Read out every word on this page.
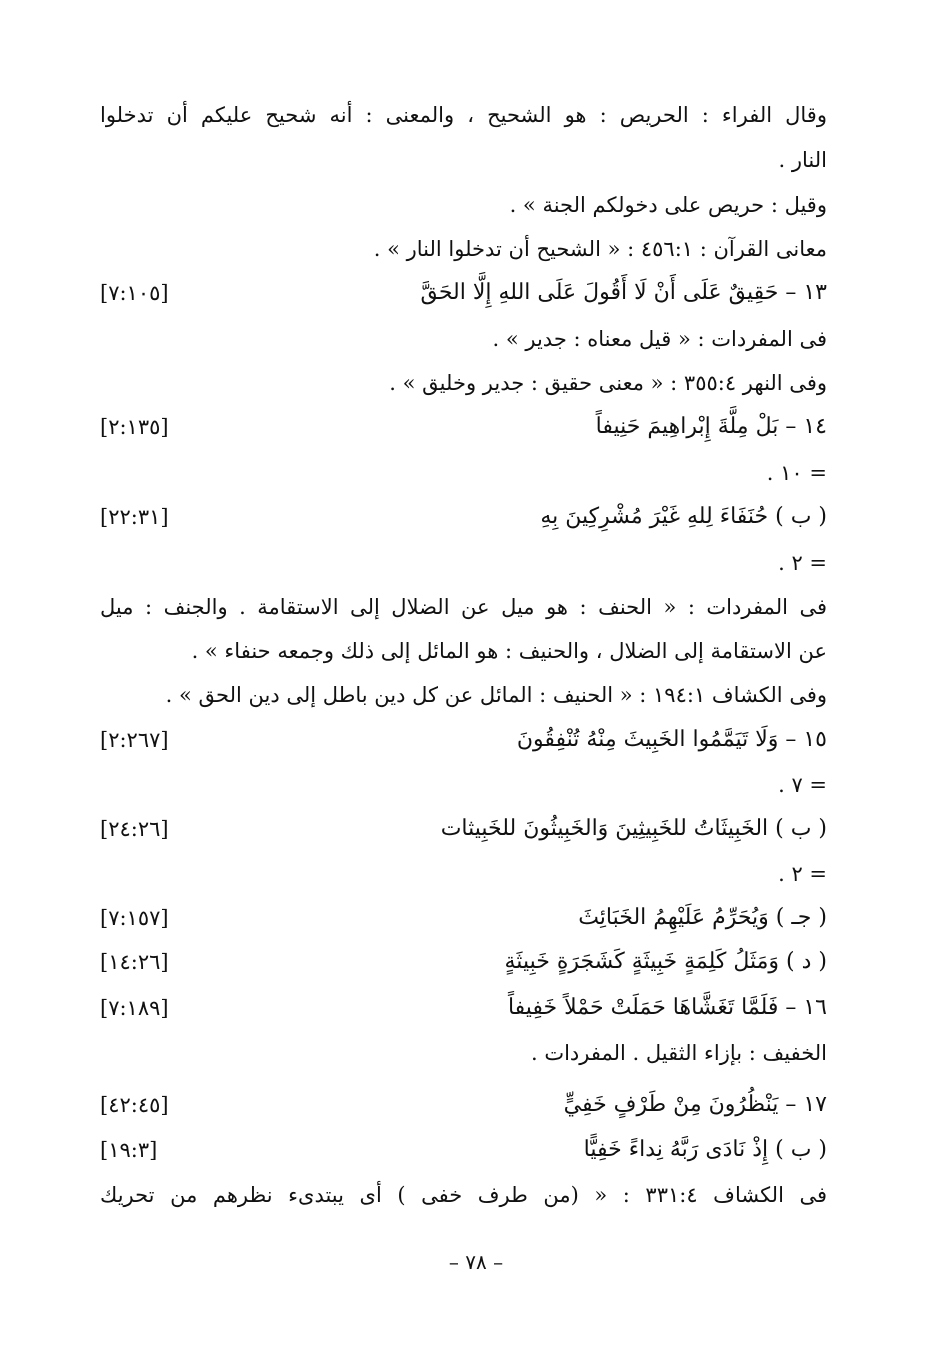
وقال الفراء : الحريص : هو الشحيح ، والمعنى : أنه شحيح عليكم أن تدخلوا
النار .
وقيل : حريص على دخولكم الجنة » .
معانى القرآن : ٤٥٦:١ : « الشحيح أن تدخلوا النار » .
١٣ – حَقِيقٌ عَلَى أَنْ لَا أَقُولَ عَلَى اللهِ إِلَّا الحَقَّ
[٧:١٠٥]
فى المفردات : « قيل معناه : جدير » .
وفى النهر ٣٥٥:٤ : « معنى حقيق : جدير وخليق » .
١٤ – بَلْ مِلَّةَ إِبْراهِيمَ حَنِيفاً
[٢:١٣٥]
= ١٠ .
( ب ) حُنَفَاءَ لِلهِ غَيْرَ مُشْرِكِينَ بِهِ
[٢٢:٣١]
= ٢ .
فى المفردات : « الحنف : هو ميل عن الضلال إلى الاستقامة . والجنف : ميل
عن الاستقامة إلى الضلال ، والحنيف : هو المائل إلى ذلك وجمعه حنفاء » .
وفى الكشاف ١٩٤:١ : « الحنيف : المائل عن كل دين باطل إلى دين الحق » .
١٥ – وَلَا تَيَمَّمُوا الخَبِيثَ مِنْهُ تُنْفِقُونَ
[٢:٢٦٧]
= ٧ .
( ب ) الخَبِيثَاتُ للخَبِيثِينَ وَالخَبِيثُونَ للخَبِيثات
[٢٤:٢٦]
= ٢ .
( جـ ) وَيُحَرِّمُ عَلَيْهِمُ الخَبَائِثَ
[٧:١٥٧]
( د ) وَمَثَلُ كَلِمَةٍ خَبِيثَةٍ كَشَجَرَةٍ خَبِيثَةٍ
[١٤:٢٦]
١٦ – فَلَمَّا تَغَشَّاهَا حَمَلَتْ حَمْلاً خَفِيفاً
[٧:١٨٩]
الخفيف : بإزاء الثقيل . المفردات .
١٧ – يَنْظُرُونَ مِنْ طَرْفٍ خَفِيٍّ
[٤٢:٤٥]
( ب ) إِذْ نَادَى رَبَّهُ نِداءً خَفِيًّا
[١٩:٣]
فى الكشاف ٣٣١:٤ : « (من طرف خفى ) أى يبتدىء نظرهم من تحريك
– ٧٨ –
